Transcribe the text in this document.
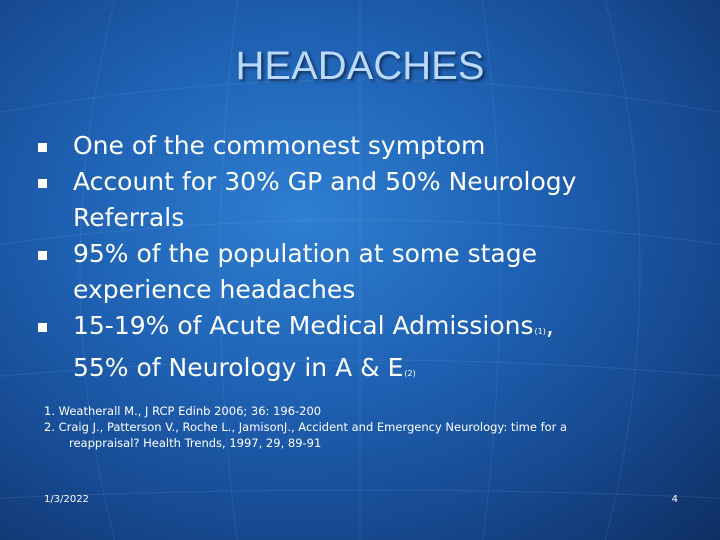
HEADACHES
One of the commonest symptom
Account for 30% GP and 50% Neurology
Referrals
95% of the population at some stage
experience headaches
15-19% of Acute Medical Admissions(1),
55% of Neurology in A & E(2)
1. Weatherall M., J RCP Edinb 2006; 36: 196-200
2. Craig J., Patterson V., Roche L., JamisonJ., Accident and Emergency Neurology: time for a
reappraisal? Health Trends, 1997, 29, 89-91
1/3/2022	4
